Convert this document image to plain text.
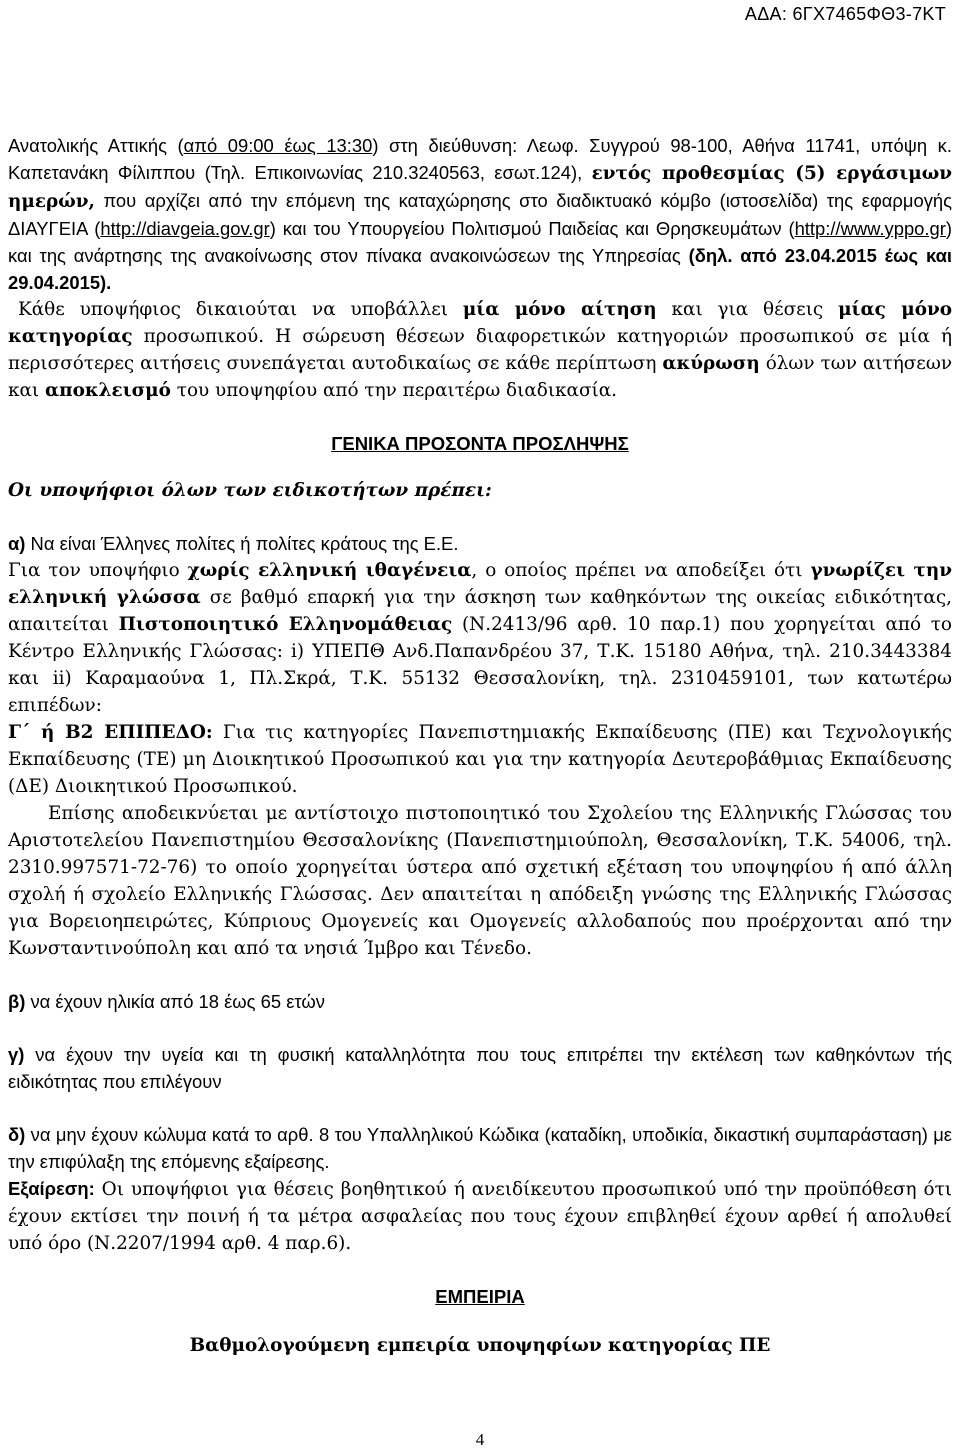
ΑΔΑ: 6ΓΧ7465ΦΘ3-7ΚΤ

Ανατολικής Αττικής (από 09:00 έως 13:30) στη διεύθυνση: Λεωφ. Συγγρού 98-100, Αθήνα 11741, υπόψη κ. Καπετανάκη Φίλιππου (Τηλ. Επικοινωνίας 210.3240563, εσωτ.124), εντός προθεσμίας (5) εργάσιμων ημερών, που αρχίζει από την επόμενη της καταχώρησης στο διαδικτυακό κόμβο (ιστοσελίδα) της εφαρμογής ΔΙΑΥΓΕΙΑ (http://diavgeia.gov.gr) και του Υπουργείου Πολιτισμού Παιδείας και Θρησκευμάτων (http://www.yppo.gr) και της ανάρτησης της ανακοίνωσης στον πίνακα ανακοινώσεων της Υπηρεσίας (δηλ. από 23.04.2015 έως και 29.04.2015).

Κάθε υποψήφιος δικαιούται να υποβάλλει μία μόνο αίτηση και για θέσεις μίας μόνο κατηγορίας προσωπικού. Η σώρευση θέσεων διαφορετικών κατηγοριών προσωπικού σε μία ή περισσότερες αιτήσεις συνεπάγεται αυτοδικαίως σε κάθε περίπτωση ακύρωση όλων των αιτήσεων και αποκλεισμό του υποψηφίου από την περαιτέρω διαδικασία.

ΓΕΝΙΚΑ ΠΡΟΣΟΝΤΑ ΠΡΟΣΛΗΨΗΣ
Οι υποψήφιοι όλων των ειδικοτήτων πρέπει:

α) Να είναι Έλληνες πολίτες ή πολίτες κράτους της Ε.Ε.

Για τον υποψήφιο χωρίς ελληνική ιθαγένεια, ο οποίος πρέπει να αποδείξει ότι γνωρίζει την ελληνική γλώσσα σε βαθμό επαρκή για την άσκηση των καθηκόντων της οικείας ειδικότητας, απαιτείται Πιστοποιητικό Ελληνομάθειας (Ν.2413/96 αρθ. 10 παρ.1) που χορηγείται από το Κέντρο Ελληνικής Γλώσσας: i) ΥΠΕΠΘ Ανδ.Παπανδρέου 37, Τ.Κ. 15180 Αθήνα, τηλ. 210.3443384 και ii) Καραμαούνα 1, Πλ.Σκρά, Τ.Κ. 55132 Θεσσαλονίκη, τηλ. 2310459101, των κατωτέρω επιπέδων:

Γ΄ ή Β2 ΕΠΙΠΕΔΟ: Για τις κατηγορίες Πανεπιστημιακής Εκπαίδευσης (ΠΕ) και Τεχνολογικής Εκπαίδευσης (ΤΕ) μη Διοικητικού Προσωπικού και για την κατηγορία Δευτεροβάθμιας Εκπαίδευσης (ΔΕ) Διοικητικού Προσωπικού.

Επίσης αποδεικνύεται με αντίστοιχο πιστοποιητικό του Σχολείου της Ελληνικής Γλώσσας του Αριστοτελείου Πανεπιστημίου Θεσσαλονίκης (Πανεπιστημιούπολη, Θεσσαλονίκη, Τ.Κ. 54006, τηλ. 2310.997571-72-76) το οποίο χορηγείται ύστερα από σχετική εξέταση του υποψηφίου ή από άλλη σχολή ή σχολείο Ελληνικής Γλώσσας. Δεν απαιτείται η απόδειξη γνώσης της Ελληνικής Γλώσσας για Βορειοηπειρώτες, Κύπριους Ομογενείς και Ομογενείς αλλοδαπούς που προέρχονται από την Κωνσταντινούπολη και από τα νησιά Ίμβρο και Τένεδο.

β) να έχουν ηλικία από 18 έως 65 ετών

γ) να έχουν την υγεία και τη φυσική καταλληλότητα που τους επιτρέπει την εκτέλεση των καθηκόντων τής ειδικότητας που επιλέγουν

δ) να μην έχουν κώλυμα κατά το αρθ. 8 του Υπαλληλικού Κώδικα (καταδίκη, υποδικία, δικαστική συμπαράσταση) με την επιφύλαξη της επόμενης εξαίρεσης.

Εξαίρεση: Οι υποψήφιοι για θέσεις βοηθητικού ή ανειδίκευτου προσωπικού υπό την προϋπόθεση ότι έχουν εκτίσει την ποινή ή τα μέτρα ασφαλείας που τους έχουν επιβληθεί έχουν αρθεί ή απολυθεί υπό όρο (Ν.2207/1994 αρθ. 4 παρ.6).

ΕΜΠΕΙΡΙΑ
Βαθμολογούμενη εμπειρία υποψηφίων κατηγορίας ΠΕ
4
